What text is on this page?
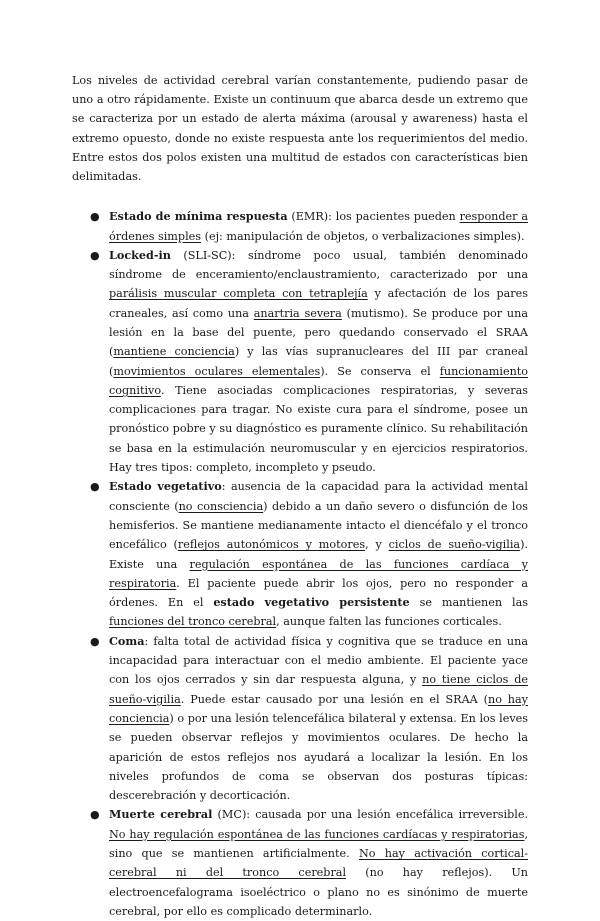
Los niveles de actividad cerebral varían constantemente, pudiendo pasar de uno a otro rápidamente. Existe un continuum que abarca desde un extremo que se caracteriza por un estado de alerta máxima (arousal y awareness) hasta el extremo opuesto, donde no existe respuesta ante los requerimientos del medio. Entre estos dos polos existen una multitud de estados con características bien delimitadas.

● Estado de mínima respuesta (EMR): los pacientes pueden responder a órdenes simples (ej: manipulación de objetos, o verbalizaciones simples).
● Locked-in (SLI-SC): síndrome poco usual, también denominado síndrome de enceramiento/enclaustramiento, caracterizado por una parálisis muscular completa con tetraplejía y afectación de los pares craneales, así como una anartria severa (mutismo). Se produce por una lesión en la base del puente, pero quedando conservado el SRAA (mantiene conciencia) y las vías supranucleares del III par craneal (movimientos oculares elementales). Se conserva el funcionamiento cognitivo. Tiene asociadas complicaciones respiratorias, y severas complicaciones para tragar. No existe cura para el síndrome, posee un pronóstico pobre y su diagnóstico es puramente clínico. Su rehabilitación se basa en la estimulación neuromuscular y en ejercicios respiratorios. Hay tres tipos: completo, incompleto y pseudo.
● Estado vegetativo: ausencia de la capacidad para la actividad mental consciente (no consciencia) debido a un daño severo o disfunción de los hemisferios. Se mantiene medianamente intacto el diencéfalo y el tronco encefálico (reflejos autonómicos y motores, y ciclos de sueño-vigilia). Existe una regulación espontánea de las funciones cardíaca y respiratoria. El paciente puede abrir los ojos, pero no responder a órdenes. En el estado vegetativo persistente se mantienen las funciones del tronco cerebral, aunque falten las funciones corticales.
● Coma: falta total de actividad física y cognitiva que se traduce en una incapacidad para interactuar con el medio ambiente. El paciente yace con los ojos cerrados y sin dar respuesta alguna, y no tiene ciclos de sueño-vigilia. Puede estar causado por una lesión en el SRAA (no hay conciencia) o por una lesión telencefálica bilateral y extensa. En los leves se pueden observar reflejos y movimientos oculares. De hecho la aparición de estos reflejos nos ayudará a localizar la lesión. En los niveles profundos de coma se observan dos posturas típicas: descerebración y decorticación.
● Muerte cerebral (MC): causada por una lesión encefálica irreversible. No hay regulación espontánea de las funciones cardíacas y respiratorias, sino que se mantienen artificialmente. No hay activación cortical-cerebral ni del tronco cerebral (no hay reflejos). Un electroencefalograma isoeléctrico o plano no es sinónimo de muerte cerebral, por ello es complicado determinarlo.
